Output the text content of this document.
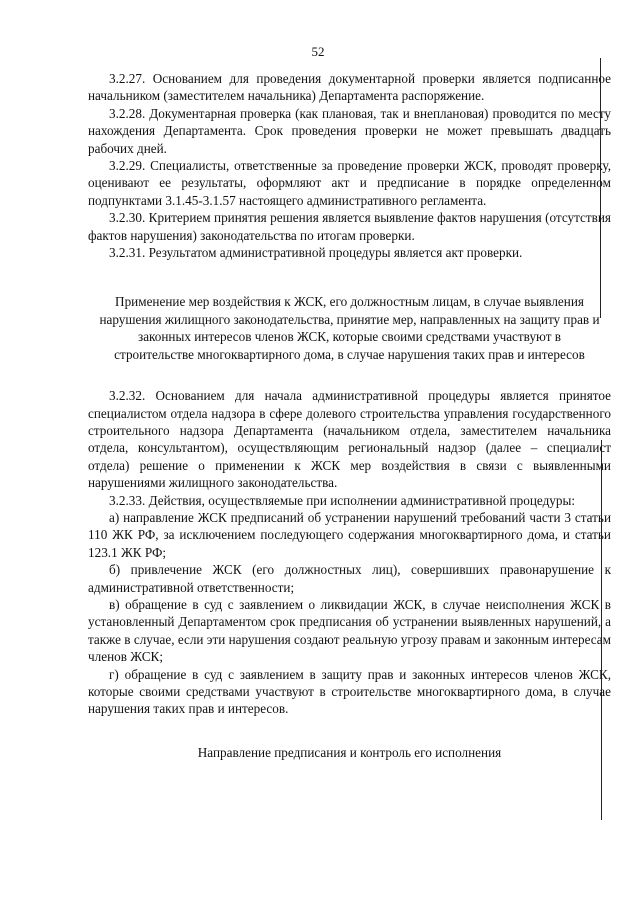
52

3.2.27. Основанием для проведения документарной проверки является подписанное начальником (заместителем начальника) Департамента распоряжение.

3.2.28. Документарная проверка (как плановая, так и внеплановая) проводится по месту нахождения Департамента. Срок проведения проверки не может превышать двадцать рабочих дней.

3.2.29. Специалисты, ответственные за проведение проверки ЖСК, проводят проверку, оценивают ее результаты, оформляют акт и предписание в порядке определенном подпунктами 3.1.45-3.1.57 настоящего административного регламента.

3.2.30. Критерием принятия решения является выявление фактов нарушения (отсутствия фактов нарушения) законодательства по итогам проверки.

3.2.31. Результатом административной процедуры является акт проверки.

Применение мер воздействия к ЖСК, его должностным лицам, в случае выявления нарушения жилищного законодательства, принятие мер, направленных на защиту прав и законных интересов членов ЖСК, которые своими средствами участвуют в строительстве многоквартирного дома, в случае нарушения таких прав и интересов

3.2.32. Основанием для начала административной процедуры является принятое специалистом отдела надзора в сфере долевого строительства управления государственного строительного надзора Департамента (начальником отдела, заместителем начальника отдела, консультантом), осуществляющим региональный надзор (далее – специалист отдела) решение о применении к ЖСК мер воздействия в связи с выявленными нарушениями жилищного законодательства.

3.2.33. Действия, осуществляемые при исполнении административной процедуры:

а) направление ЖСК предписаний об устранении нарушений требований части 3 статьи 110 ЖК РФ, за исключением последующего содержания многоквартирного дома, и статьи 123.1 ЖК РФ;

б) привлечение ЖСК (его должностных лиц), совершивших правонарушение к административной ответственности;

в) обращение в суд с заявлением о ликвидации ЖСК, в случае неисполнения ЖСК в установленный Департаментом срок предписания об устранении выявленных нарушений, а также в случае, если эти нарушения создают реальную угрозу правам и законным интересам членов ЖСК;

г) обращение в суд с заявлением в защиту прав и законных интересов членов ЖСК, которые своими средствами участвуют в строительстве многоквартирного дома, в случае нарушения таких прав и интересов.

Направление предписания и контроль его исполнения
